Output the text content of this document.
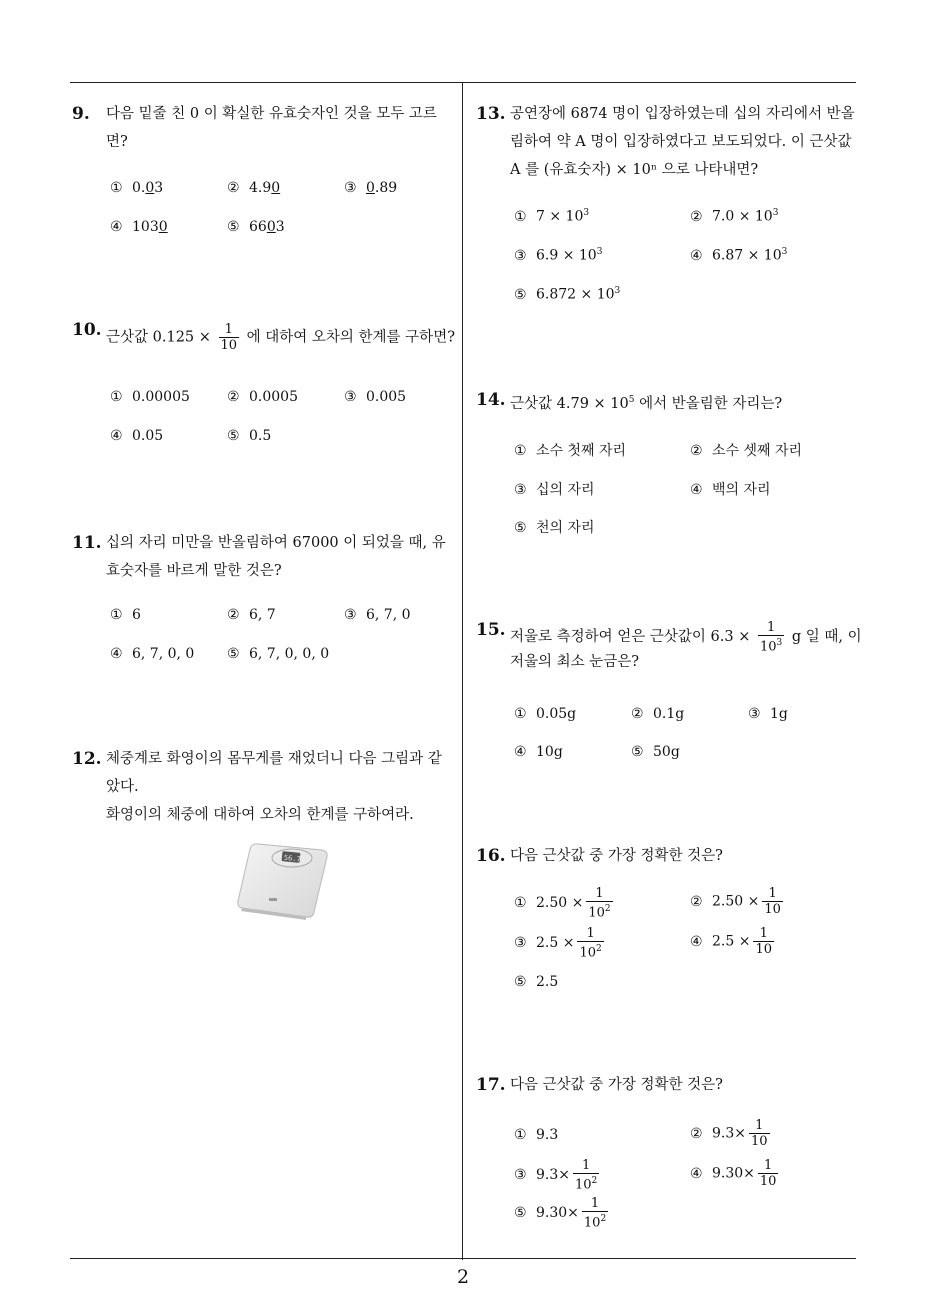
2
9. 다음 밑줄 친 0 이 확실한 유효숫자인 것을 모두 고르
면?
① 0.03	② 4.90	③ 0.89
④ 1030	⑤ 6603
10. 근삿값 $0.125 \times \frac{1}{10}$ 에 대하여 오차의 한계를 구하면?
① 0.00005	② 0.0005	③ 0.005
④ 0.05	⑤ 0.5
11. 십의 자리 미만을 반올림하여 67000 이 되었을 때, 유
효숫자를 바르게 말한 것은?
① 6	② 6, 7	③ 6, 7, 0
④ 6, 7, 0, 0 ⑤ 6, 7, 0, 0, 0
12. 체중계로 화영이의 몸무게를 재었더니 다음 그림과 같
았다.
화영이의 체중에 대하여 오차의 한계를 구하여라.
56.7
13. 공연장에 6874 명이 입장하였는데 십의 자리에서 반올
림하여 약 A 명이 입장하였다고 보도되었다. 이 근삿값
A 를 (유효숫자) × 10ⁿ 으로 나타내면?
① $7 \times 10^3$	② $7.0 \times 10^3$
③ $6.9 \times 10^3$	④ $6.87 \times 10^3$
⑤ $6.872 \times 10^3$
14. 근삿값 $4.79 \times 10^5$ 에서 반올림한 자리는?
① 소수 첫째 자리	② 소수 셋째 자리
③ 십의 자리	④ 백의 자리
⑤ 천의 자리
15. 저울로 측정하여 얻은 근삿값이 $6.3 \times \frac{1}{10^3}$ g 일 때, 이
저울의 최소 눈금은?
① 0.05g	② 0.1g	③ 1g
④ 10g	⑤ 50g
16. 다음 근삿값 중 가장 정확한 것은?
① $2.50 \times \frac{1}{10^2}$	② $2.50 \times \frac{1}{10}$
③ $2.5 \times \frac{1}{10^2}$	④ $2.5 \times \frac{1}{10}$
⑤ 2.5
17. 다음 근삿값 중 가장 정확한 것은?
① 9.3	② $9.3\times \frac{1}{10}$
③ $9.3\times \frac{1}{10^2}$	④ $9.30\times \frac{1}{10}$
⑤ $9.30\times \frac{1}{10^2}$
